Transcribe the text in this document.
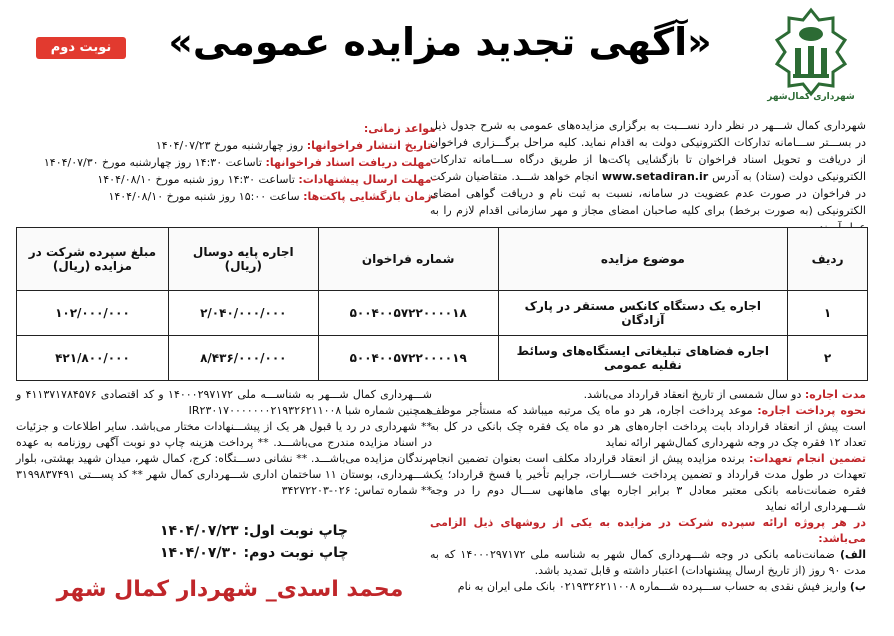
شهرداری کمال‌شهر
«آگهی تجدید مزایده عمومی»
نوبت دوم
شهرداری کمال شـــهر در نظر دارد نســـبت به برگزاری مزایده‌های عمومی به شرح جدول ذیل در بســـتر ســـامانه تدارکات الکترونیکی دولت به اقدام نماید. کلیه مراحل برگـــزاری فراخوان از دریافت و تحویل اسناد فراخوان تا بازگشایی پاکت‌ها از طریق درگاه ســـامانه تدارکات الکترونیکی دولت (ستاد) به آدرس www.setadiran.ir انجام خواهد شـــد. متقاضیان شرکت در فراخوان در صورت عدم عضویت در سامانه، نسبت به ثبت نام و دریافت گواهی امضای الکترونیکی (به صورت برخط) برای کلیه صاحبان امضای مجاز و مهر سازمانی اقدام لازم را به
مواعد زمانی:
-تاریخ انتشار فراخوانها: روز چهارشنبه مورخ ۱۴۰۴/۰۷/۲۳
-مهلت دریافت اسناد فراخوانها: تاساعت ۱۴:۳۰ روز چهارشنبه مورخ ۱۴۰۴/۰۷/۳۰
-مهلت ارسال پیشنهادات: تاساعت ۱۴:۳۰ روز شنبه مورخ ۱۴۰۴/۰۸/۱۰
-زمان بازگشایی پاکت‌ها: ساعت ۱۵:۰۰ روز شنبه مورخ ۱۴۰۴/۰۸/۱۰
ردیف	موضوع مزایده	شماره فراخوان	اجاره پایه دوسال (ریال)	مبلغ سپرده شرکت در مزایده (ریال)
۱	اجاره یک دستگاه کانکس مستقر در پارک آزادگان	۵۰۰۴۰۰۵۷۲۲۰۰۰۰۱۸	۲/۰۴۰/۰۰۰/۰۰۰	۱۰۲/۰۰۰/۰۰۰
۲	اجاره فضاهای تبلیغاتی ایستگاه‌های وسائط نقلیه عمومی	۵۰۰۴۰۰۵۷۲۲۰۰۰۰۱۹	۸/۴۳۶/۰۰۰/۰۰۰	۴۲۱/۸۰۰/۰۰۰
مدت اجاره: دو سال شمسی از تاریخ انعقاد قرارداد می‌باشد.
نحوه پرداخت اجاره: موعد پرداخت اجاره، هر دو ماه یک مرتبه میباشد که مستأجر موظف است پیش از انعقاد قرارداد بابت پرداخت اجاره‌های هر دو ماه یک فقره چک بانکی در کل به تعداد ۱۲ فقره چک در وجه شهرداری کمال‌شهر ارائه نماید
تضمین انجام تعهدات: برنده مزایده پیش از انعقاد قرارداد مکلف است بعنوان تضمین انجام تعهدات در طول مدت قرارداد و تضمین پرداخت خســـارات، جرایم تأخیر یا فسخ قرارداد؛ یک فقره ضمانت‌نامه بانکی معتبر معادل ۳ برابر اجاره بهای ماهانهی ســـال دوم را در وجه شـــهرداری ارائه نماید
در هر پروژه ارائه سپرده شرکت در مزایده به یکی از روشهای ذیل الزامی می‌باشد:
الف) ضمانت‌نامه بانکی در وجه شـــهرداری کمال شهر به شناسه ملی ۱۴۰۰۰۲۹۷۱۷۲ که به مدت ۹۰ روز (از تاریخ ارسال پیشنهادات) اعتبار داشته و قابل تمدید باشد.
ب) واریز فیش نقدی به حساب ســـپرده شـــماره ۰۲۱۹۳۲۶۲۱۱۰۰۸ بانک ملی ایران به نام
شـــهرداری کمال شـــهر به شناســـه ملی ۱۴۰۰۰۲۹۷۱۷۲ و کد اقتصادی ۴۱۱۳۷۱۷۸۴۵۷۶ و همچنین شماره شبا IR۲۳۰۱۷۰۰۰۰۰۰۰۲۱۹۳۲۶۲۱۱۰۰۸
** شهرداری در رد یا قبول هر یک از پیشـــنهادات مختار می‌باشد. سایر اطلاعات و جزئیات در اسناد مزایده مندرج می‌باشـــد. ** پرداخت هزینه چاپ دو نوبت آگهی روزنامه به عهده برندگان مزایده می‌باشـــد. ** نشانی دســـتگاه: کرج، کمال شهر، میدان شهید بهشتی، بلوار شـــهرداری، بوستان ۱۱ ساختمان اداری شـــهرداری کمال شهر ** کد پســـتی ۳۱۹۹۸۳۷۴۹۱ ** شماره تماس: ۰۲۶-۳۴۲۷۲۲۰۳
چاپ نوبت اول: ۱۴۰۴/۰۷/۲۳
چاپ نوبت دوم: ۱۴۰۴/۰۷/۳۰
محمد اسدی_ شهردار کمال شهر
